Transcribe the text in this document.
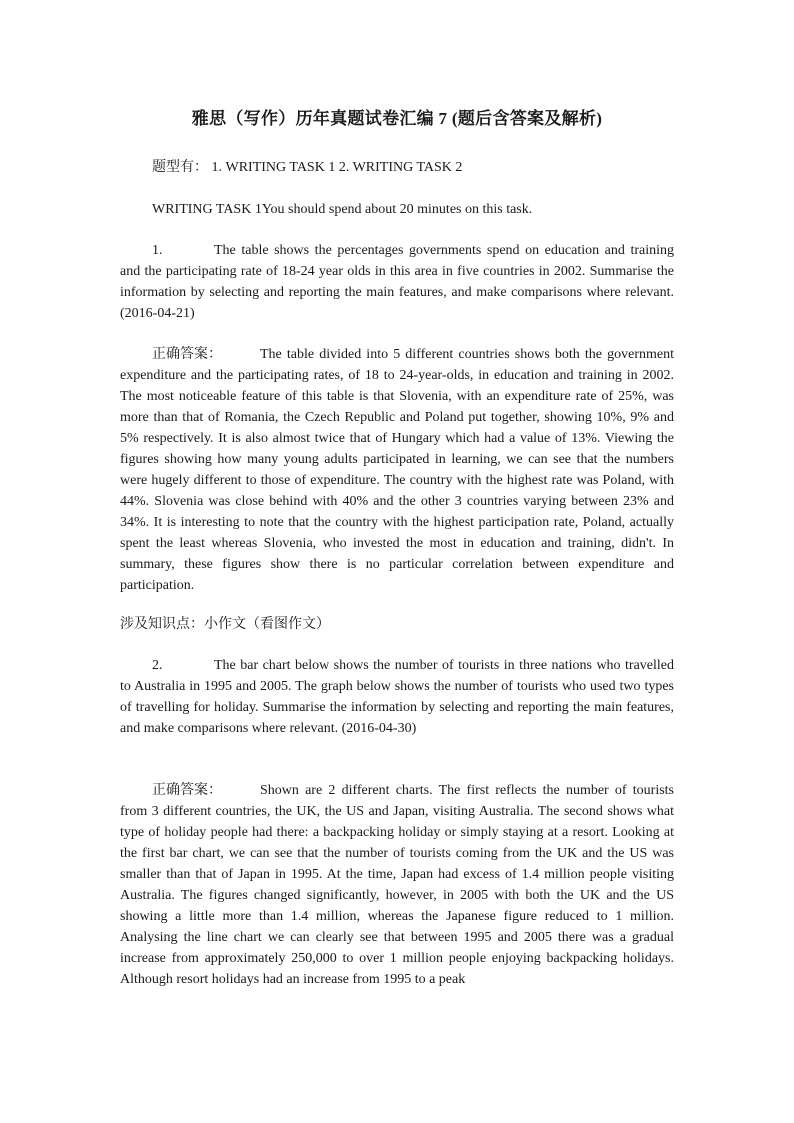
雅思（写作）历年真题试卷汇编 7 (题后含答案及解析)
题型有： 1. WRITING TASK 1 2. WRITING TASK 2
WRITING TASK 1You should spend about 20 minutes on this task.
1.	The table shows the percentages governments spend on education and training and the participating rate of 18-24 year olds in this area in five countries in 2002. Summarise the information by selecting and reporting the main features, and make comparisons where relevant. (2016-04-21)
正确答案：	The table divided into 5 different countries shows both the government expenditure and the participating rates, of 18 to 24-year-olds, in education and training in 2002. The most noticeable feature of this table is that Slovenia, with an expenditure rate of 25%, was more than that of Romania, the Czech Republic and Poland put together, showing 10%, 9% and 5% respectively. It is also almost twice that of Hungary which had a value of 13%. Viewing the figures showing how many young adults participated in learning, we can see that the numbers were hugely different to those of expenditure. The country with the highest rate was Poland, with 44%. Slovenia was close behind with 40% and the other 3 countries varying between 23% and 34%. It is interesting to note that the country with the highest participation rate, Poland, actually spent the least whereas Slovenia, who invested the most in education and training, didn't. In summary, these figures show there is no particular correlation between expenditure and participation.
涉及知识点：小作文（看图作文）
2.	The bar chart below shows the number of tourists in three nations who travelled to Australia in 1995 and 2005. The graph below shows the number of tourists who used two types of travelling for holiday. Summarise the information by selecting and reporting the main features, and make comparisons where relevant. (2016-04-30)
正确答案：	Shown are 2 different charts. The first reflects the number of tourists from 3 different countries, the UK, the US and Japan, visiting Australia. The second shows what type of holiday people had there: a backpacking holiday or simply staying at a resort. Looking at the first bar chart, we can see that the number of tourists coming from the UK and the US was smaller than that of Japan in 1995. At the time, Japan had excess of 1.4 million people visiting Australia. The figures changed significantly, however, in 2005 with both the UK and the US showing a little more than 1.4 million, whereas the Japanese figure reduced to 1 million. Analysing the line chart we can clearly see that between 1995 and 2005 there was a gradual increase from approximately 250,000 to over 1 million people enjoying backpacking holidays. Although resort holidays had an increase from 1995 to a peak
